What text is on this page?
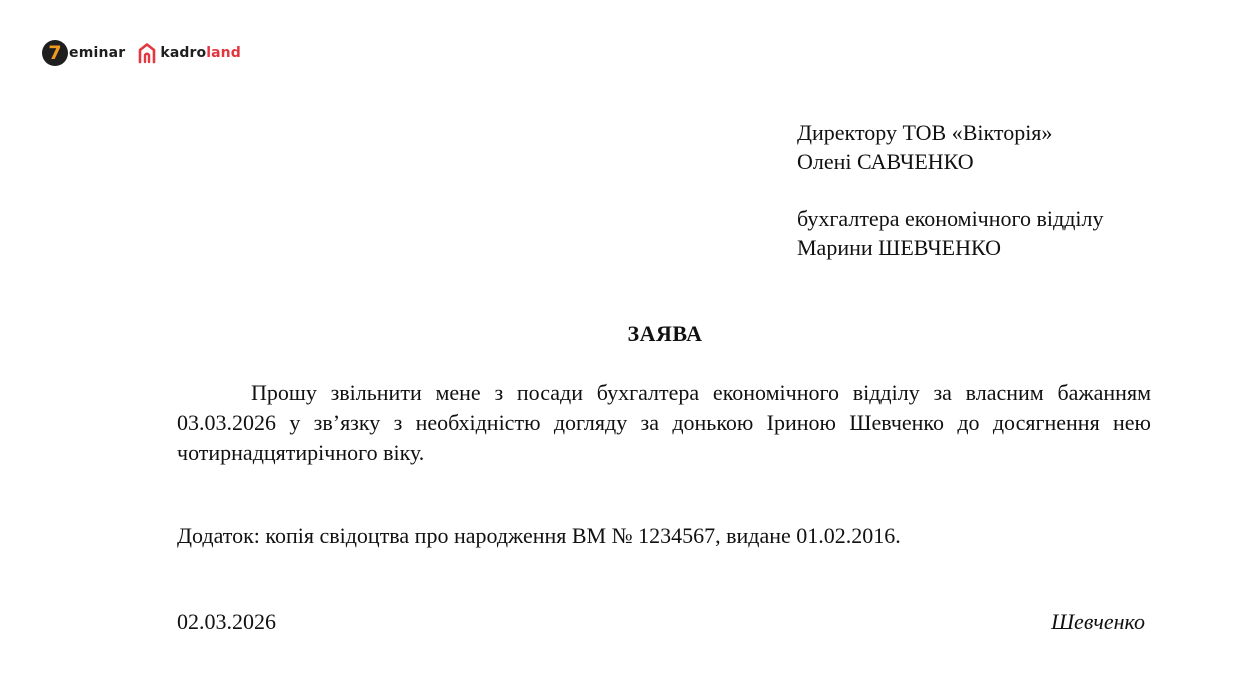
7 eminar	kadroland
Директору ТОВ «Вікторія»
Олені САВЧЕНКО
бухгалтера економічного відділу
Марини ШЕВЧЕНКО
ЗАЯВА

Прошу звільнити мене з посади бухгалтера економічного відділу за власним бажанням 03.03.2026 у зв’язку з необхідністю догляду за донькою Іриною Шевченко до досягнення нею чотирнадцятирічного віку.

Додаток: копія свідоцтва про народження ВМ № 1234567, видане 01.02.2016.
02.03.2026	Шевченко
